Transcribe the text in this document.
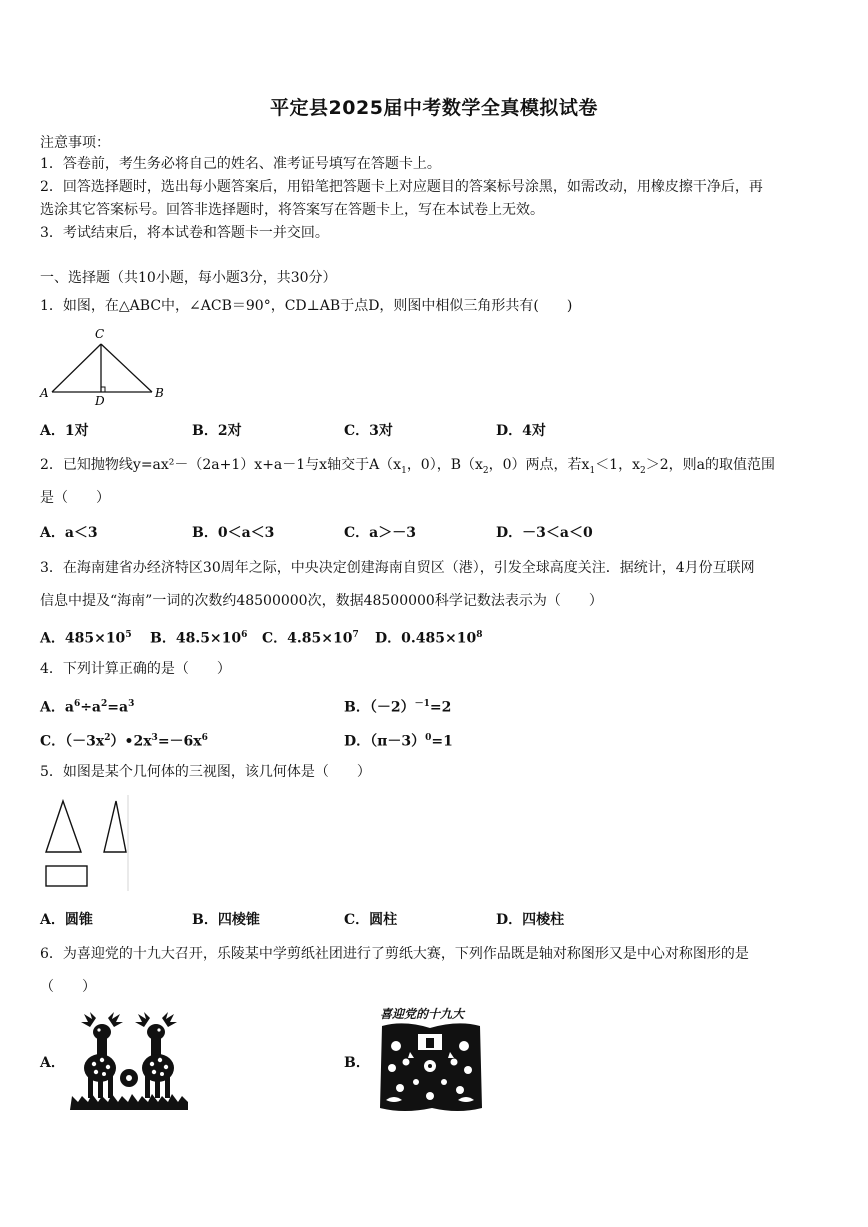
平定县2025届中考数学全真模拟试卷
注意事项：
1．答卷前，考生务必将自己的姓名、准考证号填写在答题卡上。
2．回答选择题时，选出每小题答案后，用铅笔把答题卡上对应题目的答案标号涂黑，如需改动，用橡皮擦干净后，再
选涂其它答案标号。回答非选择题时，将答案写在答题卡上，写在本试卷上无效。
3．考试结束后，将本试卷和答题卡一并交回。
一、选择题（共10小题，每小题3分，共30分）
1．如图，在△ABC中，∠ACB＝90°，CD⊥AB于点D，则图中相似三角形共有(　　)
C
A
D
B
A．1对	B．2对	C．3对	D．4对
2．已知抛物线y=ax²－（2a+1）x+a－1与x轴交于$A(x_1$，0），$B(x_2$，0）两点，若$x_1<1$，$x_2>2$，则a的取值范围
是（　　）
A．a＜3	B．0＜a＜3	C．a＞－3	D．－3＜a＜0
3．在海南建省办经济特区30周年之际，中央决定创建海南自贸区（港），引发全球高度关注．据统计，4月份互联网
信息中提及“海南”一词的次数约48500000次，数据48500000科学记数法表示为（　　）
A．$485\times 10^5$ B．$48.5\times 10^6$ C．$4.85\times 10^7$ D．$0.485\times 10^8$
4．下列计算正确的是（　　）
A．$a^6\div a^2=a^3$	B．$(-2)^{-1}=2$
C．$(-3x^2)•2x^3=-6x^6$	D．$(\pi-3)^0=1$
5．如图是某个几何体的三视图，该几何体是（　　）
A．圆锥	B．四棱锥	C．圆柱	D．四棱柱
6．为喜迎党的十九大召开，乐陵某中学剪纸社团进行了剪纸大赛，下列作品既是轴对称图形又是中心对称图形的是
（　　）
A．	B．
喜迎党的十九大
